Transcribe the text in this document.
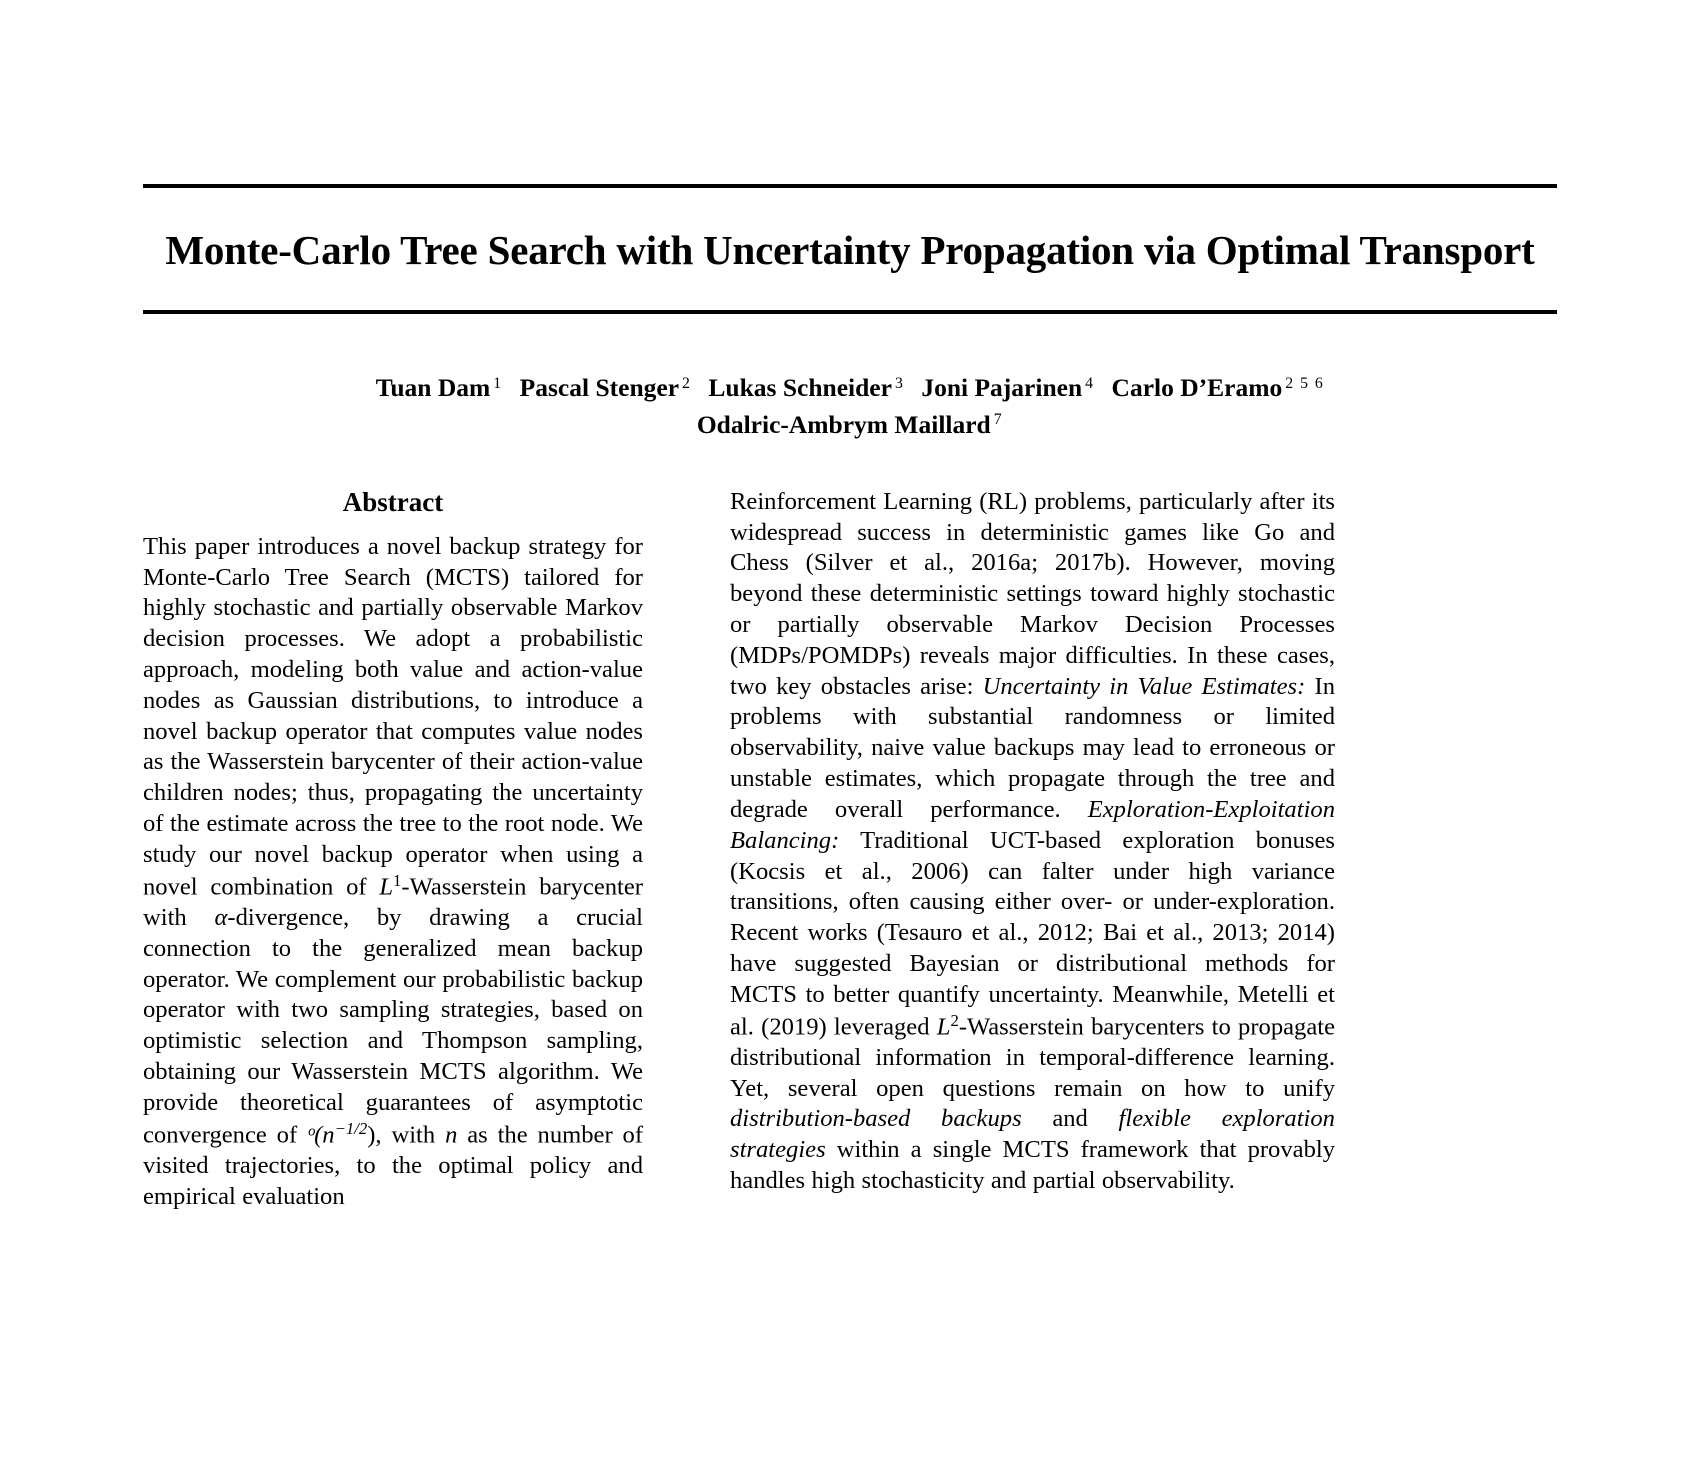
Monte-Carlo Tree Search with Uncertainty Propagation via Optimal Transport
Tuan Dam $^1$ Pascal Stenger $^2$ Lukas Schneider $^3$ Joni Pajarinen $^4$ Carlo D’Eramo $^{2 5 6}$
Odalric-Ambrym Maillard $^7$
Abstract

This paper introduces a novel backup strategy for Monte-Carlo Tree Search (MCTS) tailored for highly stochastic and partially observable Markov decision processes. We adopt a probabilistic approach, modeling both value and action-value nodes as Gaussian distributions, to introduce a novel backup operator that computes value nodes as the Wasserstein barycenter of their action-value children nodes; thus, propagating the uncertainty of the estimate across the tree to the root node. We study our novel backup operator when using a novel combination of $L^1$-Wasserstein barycenter with α-divergence, by drawing a crucial connection to the generalized mean backup operator. We complement our probabilistic backup operator with two sampling strategies, based on optimistic selection and Thompson sampling, obtaining our Wasserstein MCTS algorithm. We provide theoretical guarantees of asymptotic convergence of $ᵒ(n^{-1/2})$, with n as the number of visited trajectories, to the optimal policy and empirical evaluation

Reinforcement Learning (RL) problems, particularly after its widespread success in deterministic games like Go and Chess (Silver et al., 2016a; 2017b). However, moving beyond these deterministic settings toward highly stochastic or partially observable Markov Decision Processes (MDPs/POMDPs) reveals major difficulties. In these cases, two key obstacles arise: Uncertainty in Value Estimates: In problems with substantial randomness or limited observability, naive value backups may lead to erroneous or unstable estimates, which propagate through the tree and degrade overall performance. Exploration-Exploitation Balancing: Traditional UCT-based exploration bonuses (Kocsis et al., 2006) can falter under high variance transitions, often causing either over- or under-exploration. Recent works (Tesauro et al., 2012; Bai et al., 2013; 2014) have suggested Bayesian or distributional methods for MCTS to better quantify uncertainty. Meanwhile, Metelli et al. (2019) leveraged $L^2$-Wasserstein barycenters to propagate distributional information in temporal-difference learning. Yet, several open questions remain on how to unify distribution-based backups and flexible exploration strategies within a single MCTS framework that provably handles high stochasticity and partial observability.
